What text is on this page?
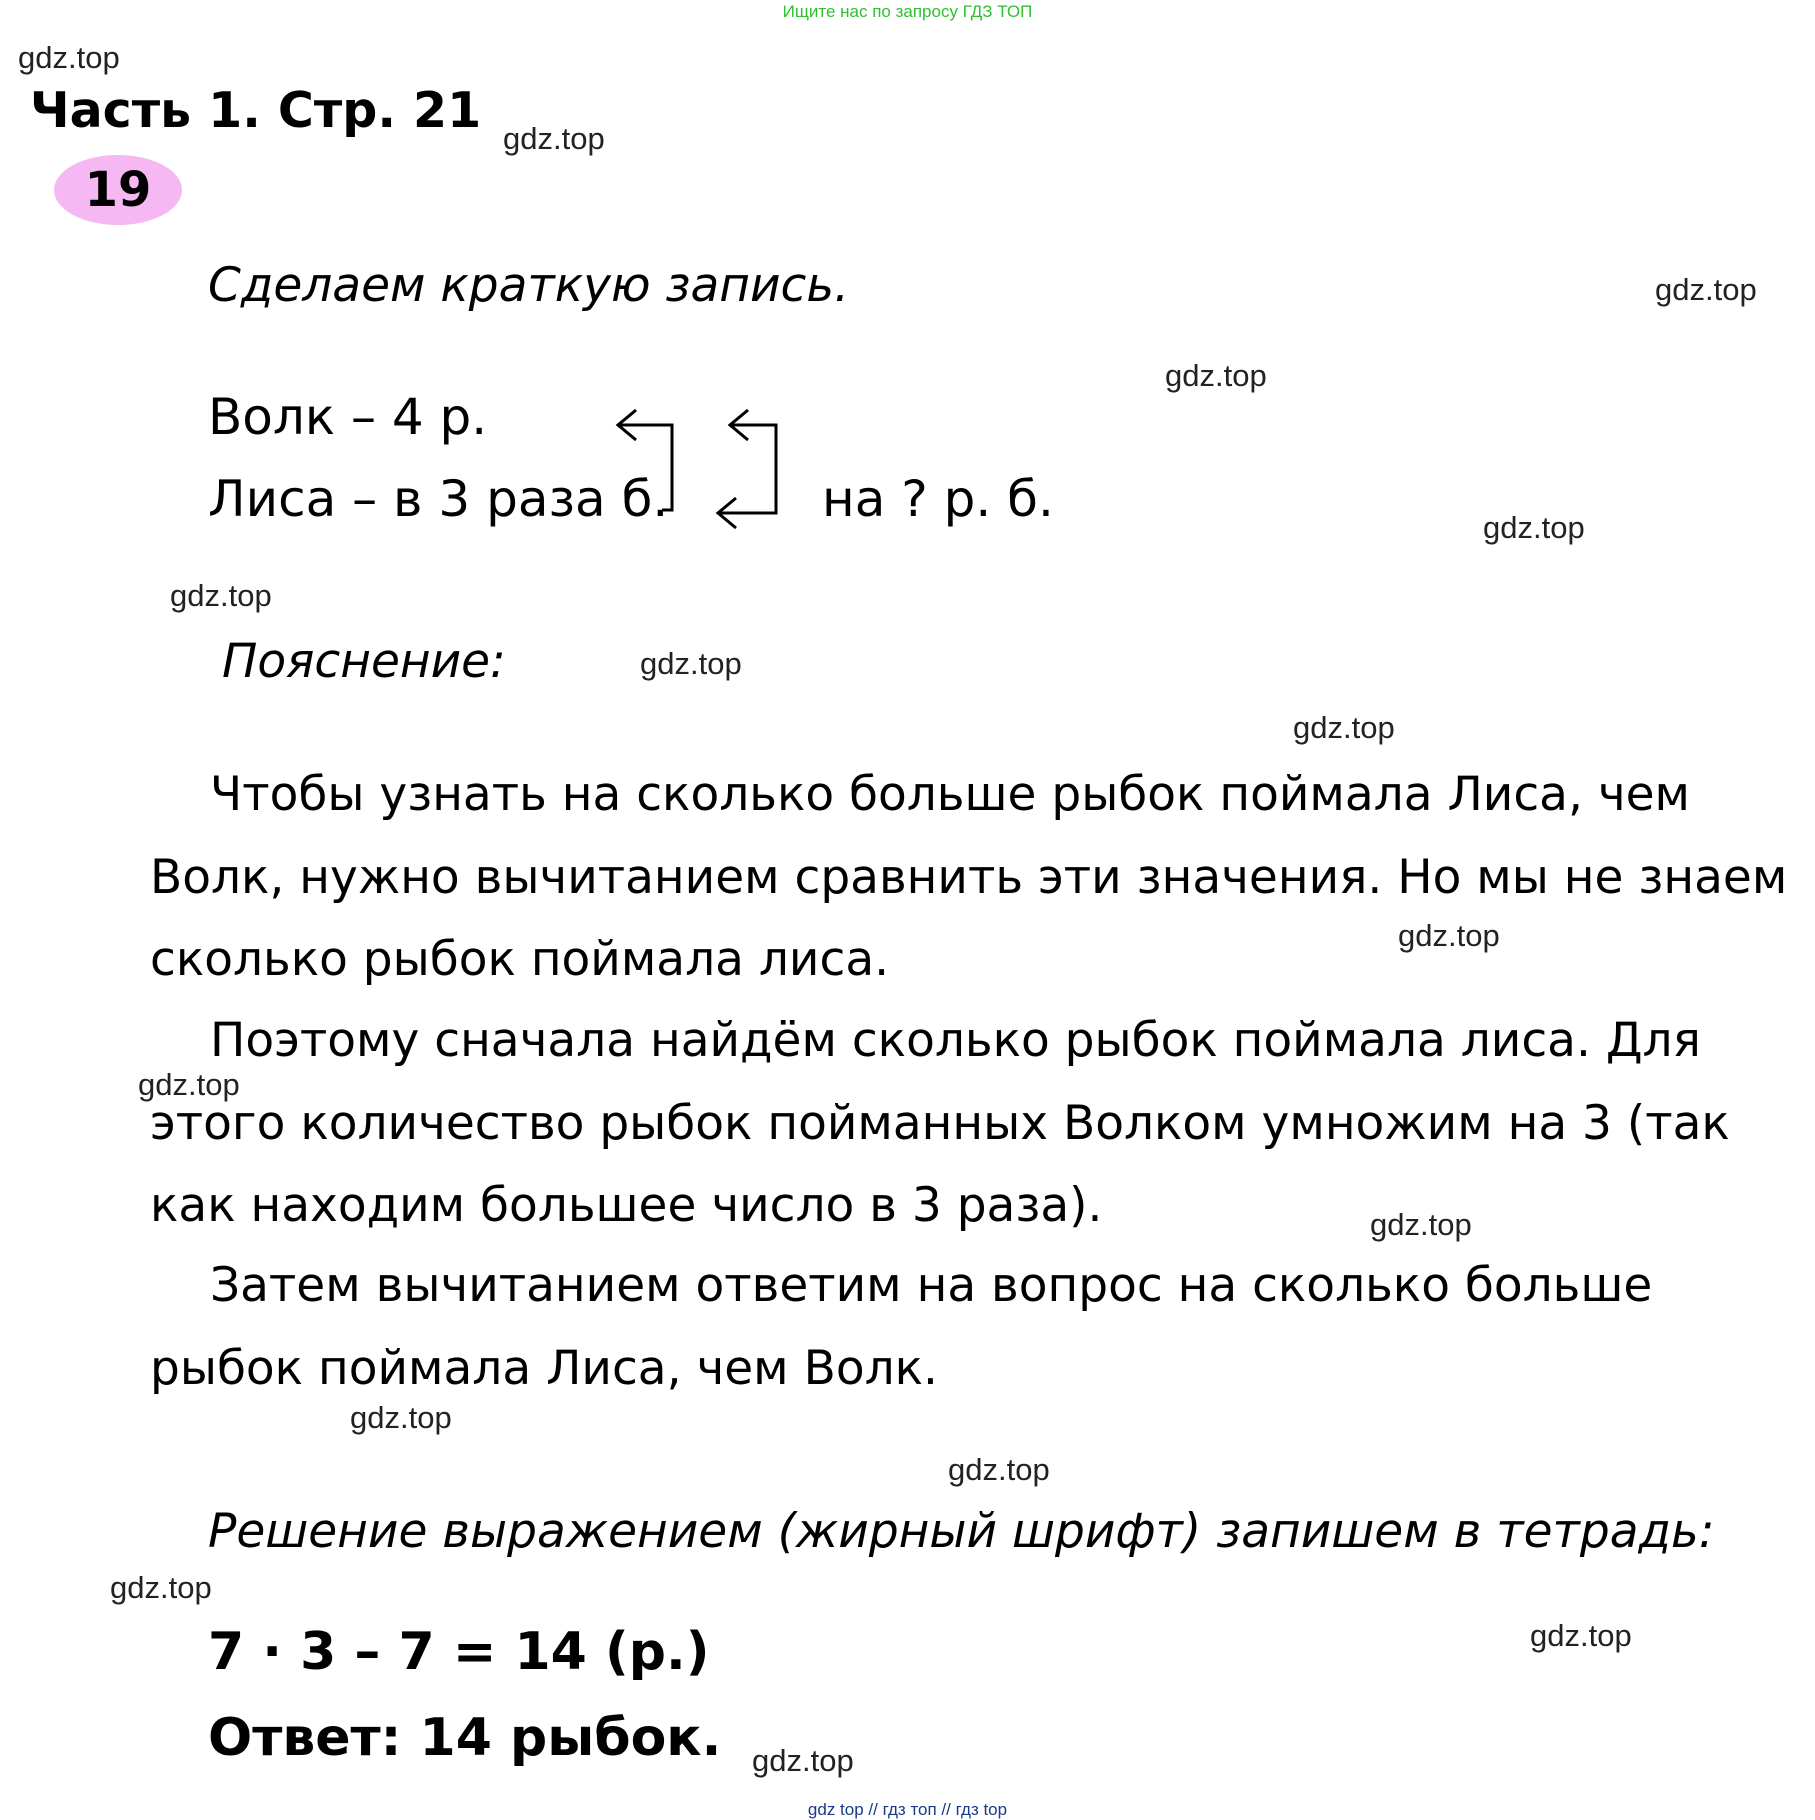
Ищите нас по запросу ГДЗ ТОП
gdz.top
gdz.top
gdz.top
gdz.top
gdz.top
gdz.top
gdz.top
gdz.top
gdz.top
gdz.top
gdz.top
gdz.top
gdz.top
gdz.top
gdz.top
gdz.top
Часть 1. Стр. 21
19
Сделаем краткую запись.
Волк – 4 р.
Лиса – в 3 раза б.	на ? р. б.
Пояснение:

Чтобы узнать на сколько больше рыбок поймала Лиса, чем Волк, нужно вычитанием сравнить эти значения. Но мы не знаем сколько рыбок поймала лиса.

Поэтому сначала найдём сколько рыбок поймала лиса. Для этого количество рыбок пойманных Волком умножим на 3 (так как находим большее число в 3 раза).

Затем вычитанием ответим на вопрос на сколько больше рыбок поймала Лиса, чем Волк.

Решение выражением (жирный шрифт) запишем в тетрадь:
7 · 3 – 7 = 14 (р.)
Ответ: 14 рыбок.
gdz top // гдз топ // гдз top
